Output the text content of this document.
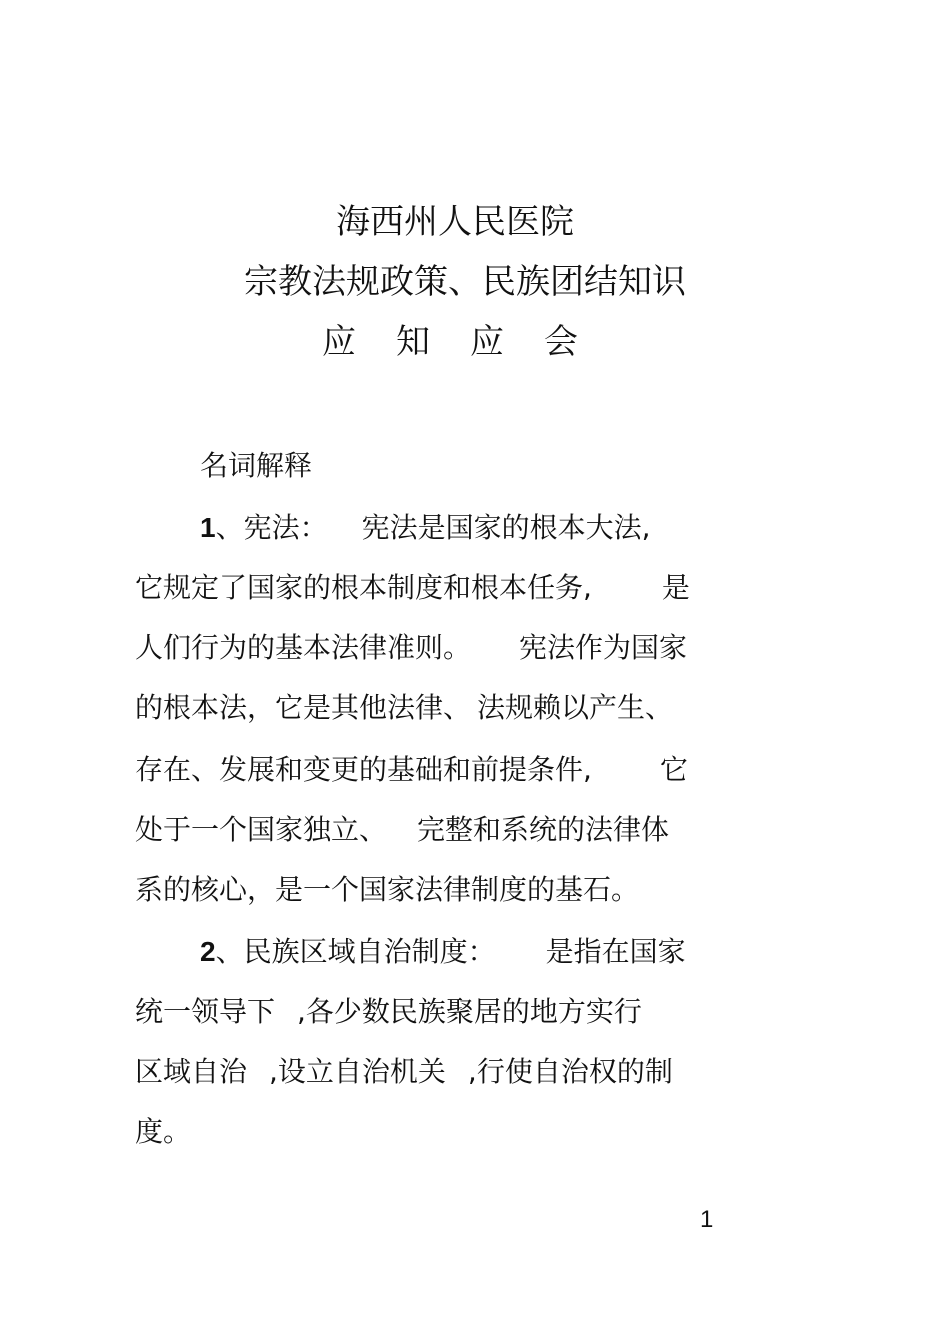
海西州人民医院
宗教法规政策、民族团结知识
应知应会
名词解释
1、宪法： 宪法是国家的根本大法,
它规定了国家的根本制度和根本任务,	是
人们行为的基本法律准则。 宪法作为国家
的根本法，它是其他法律、 法规赖以产生、
存在、发展和变更的基础和前提条件, 它
处于一个国家独立、 完整和系统的法律体
系的核心，是一个国家法律制度的基石。
2、民族区域自治制度： 是指在国家
统一领导下 ,各少数民族聚居的地方实行
区域自治 ,设立自治机关 ,行使自治权的制
度。
1
